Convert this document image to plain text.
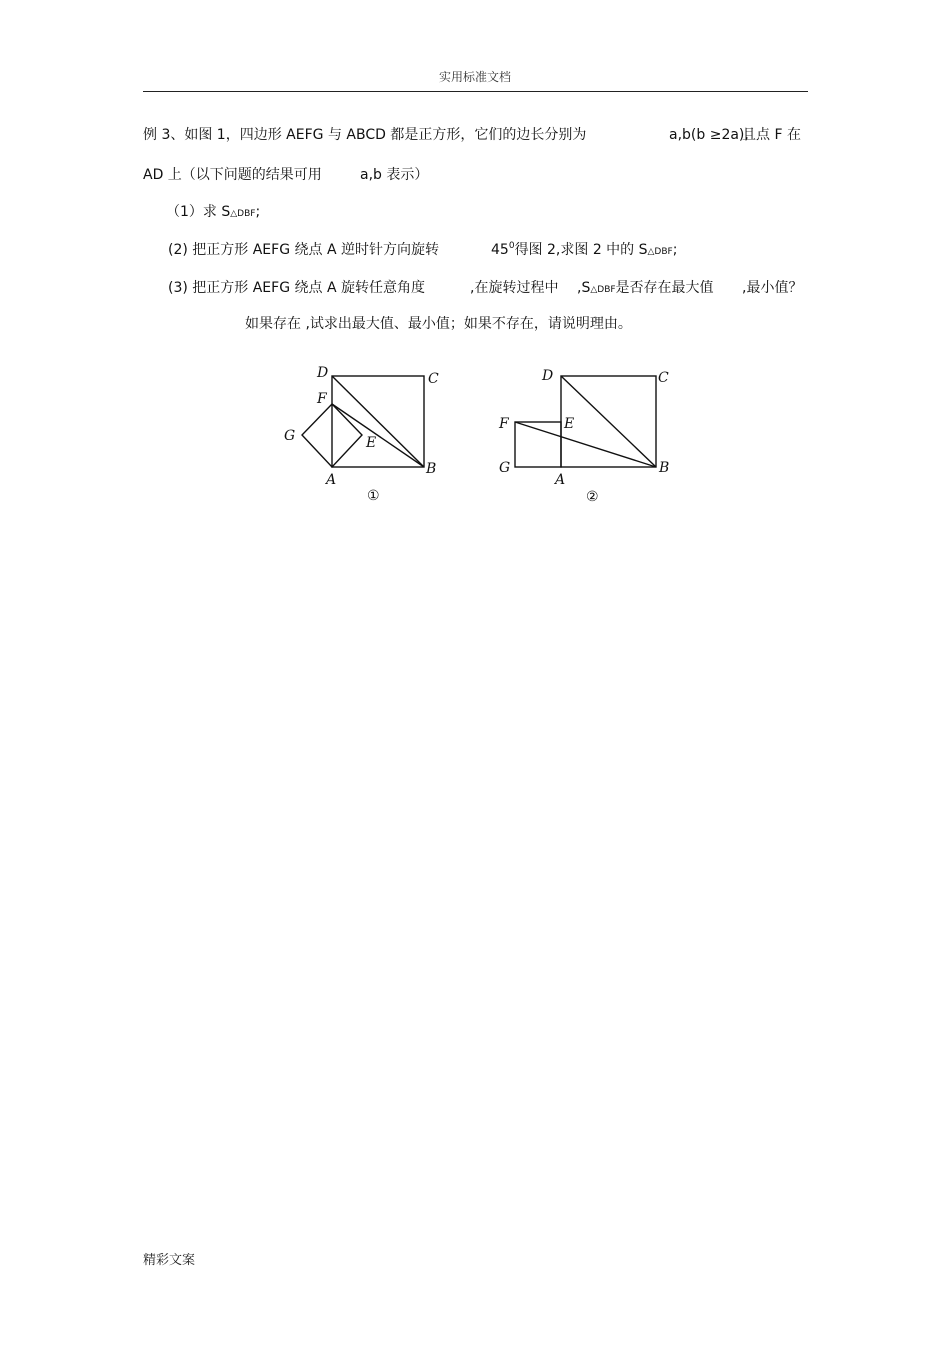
实用标准文档
例 3、如图 1，四边形 AEFG 与 ABCD 都是正方形，它们的边长分别为	a,b(b ≥2a),
且点 F 在
AD 上（以下问题的结果可用	a,b 表示）
（1）求 S△DBF;
(2) 把正方形 AEFG 绕点 A 逆时针方向旋转	$45^0$得图 2,求图 2 中的 S△DBF;
(3) 把正方形 AEFG 绕点 A 旋转任意角度	,在旋转过程中 ,S△DBF是否存在最大值 ,最小值？
如果存在 ,试求出最大值、最小值；如果不存在，请说明理由。
D	C
F
G	E
A
B
①
D	C
F	E
G
A
B
②
精彩文案
